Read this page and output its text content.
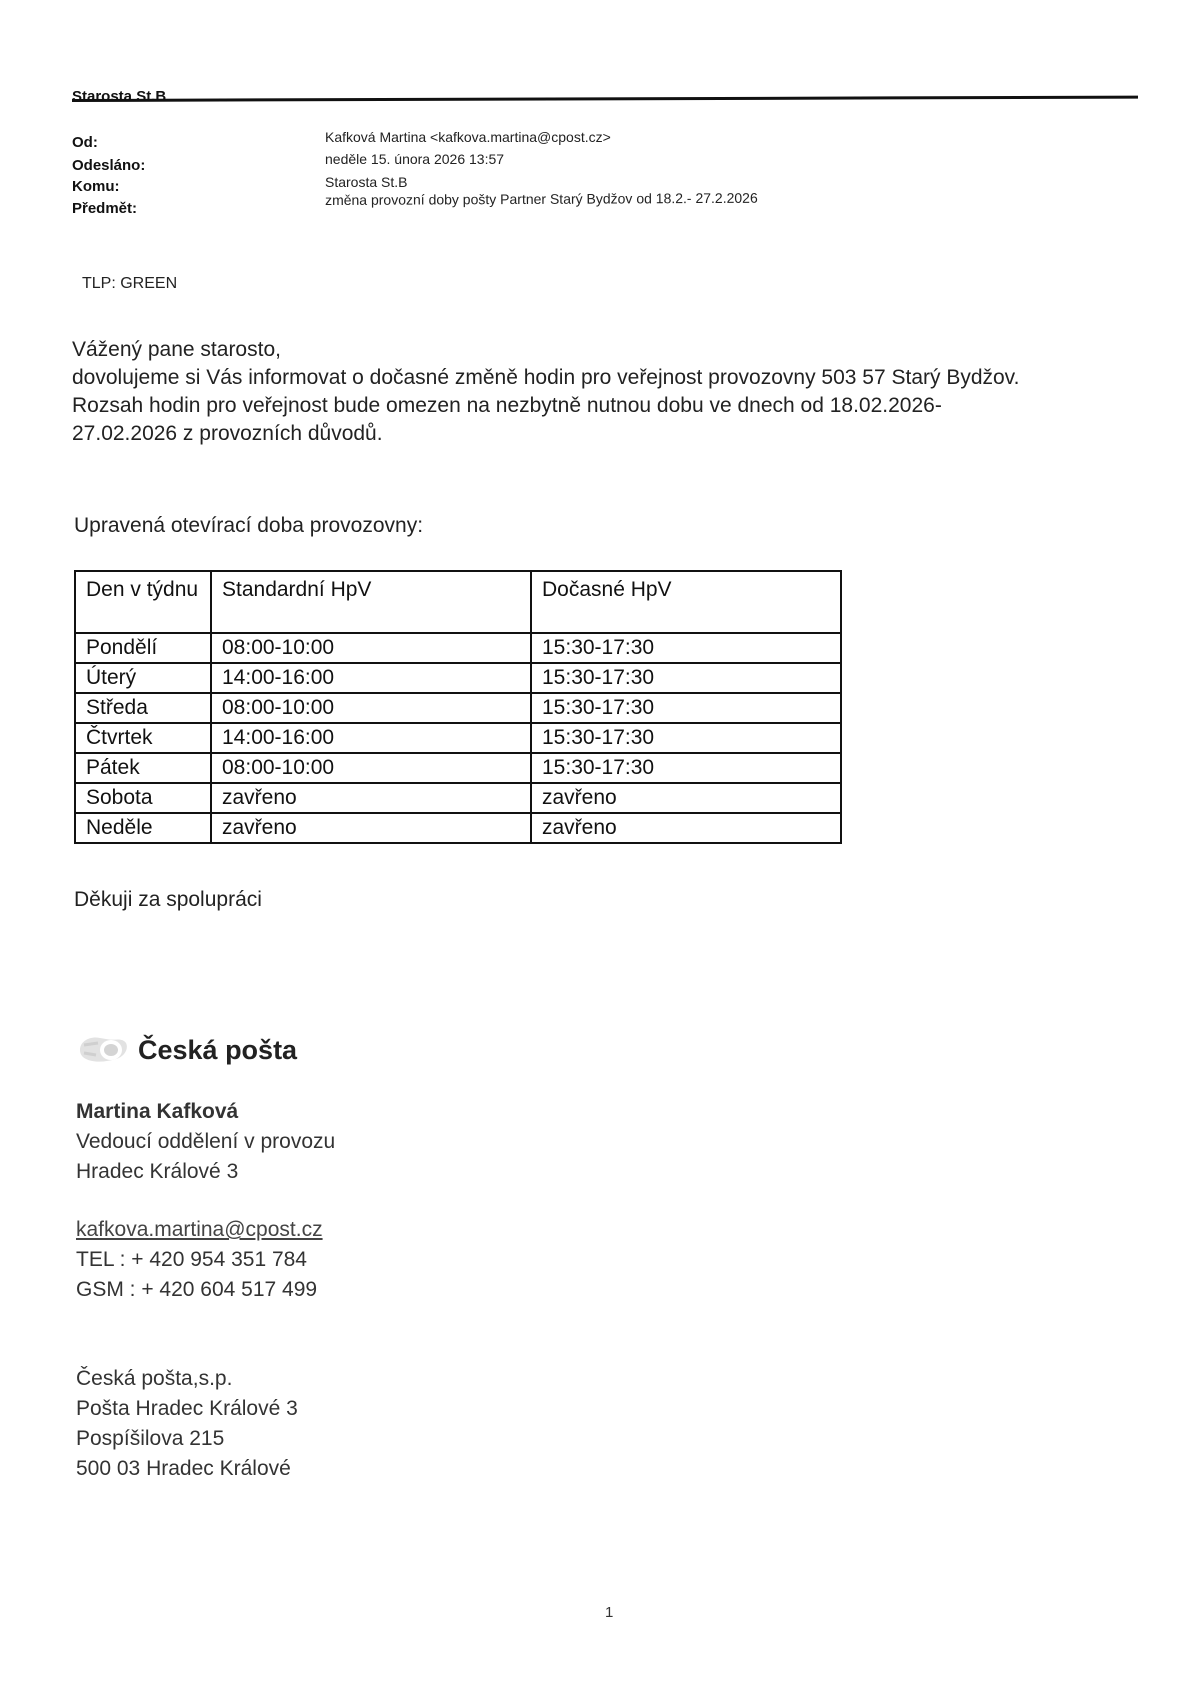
Starosta St.B
Od:	Kafková Martina <kafkova.martina@cpost.cz>
Odesláno:	neděle 15. února 2026 13:57
Komu:	Starosta St.B
Předmět:
změna provozní doby pošty Partner Starý Bydžov od 18.2.- 27.2.2026
TLP: GREEN
Vážený pane starosto,
dovolujeme si Vás informovat o dočasné změně hodin pro veřejnost provozovny 503 57 Starý Bydžov.
Rozsah hodin pro veřejnost bude omezen na nezbytně nutnou dobu ve dnech od 18.02.2026-
27.02.2026 z provozních důvodů.
Upravená otevírací doba provozovny:
Den v týdnu	Standardní HpV	Dočasné HpV
Pondělí	08:00-10:00	15:30-17:30
Úterý	14:00-16:00	15:30-17:30
Středa	08:00-10:00	15:30-17:30
Čtvrtek	14:00-16:00	15:30-17:30
Pátek	08:00-10:00	15:30-17:30
Sobota	zavřeno	zavřeno
Neděle	zavřeno	zavřeno
Děkuji za spolupráci
Česká pošta
Martina Kafková
Vedoucí oddělení v provozu
Hradec Králové 3
kafkova.martina@cpost.cz
TEL : + 420 954 351 784
GSM : + 420 604 517 499
Česká pošta,s.p.
Pošta Hradec Králové 3
Pospíšilova 215
500 03 Hradec Králové
1
